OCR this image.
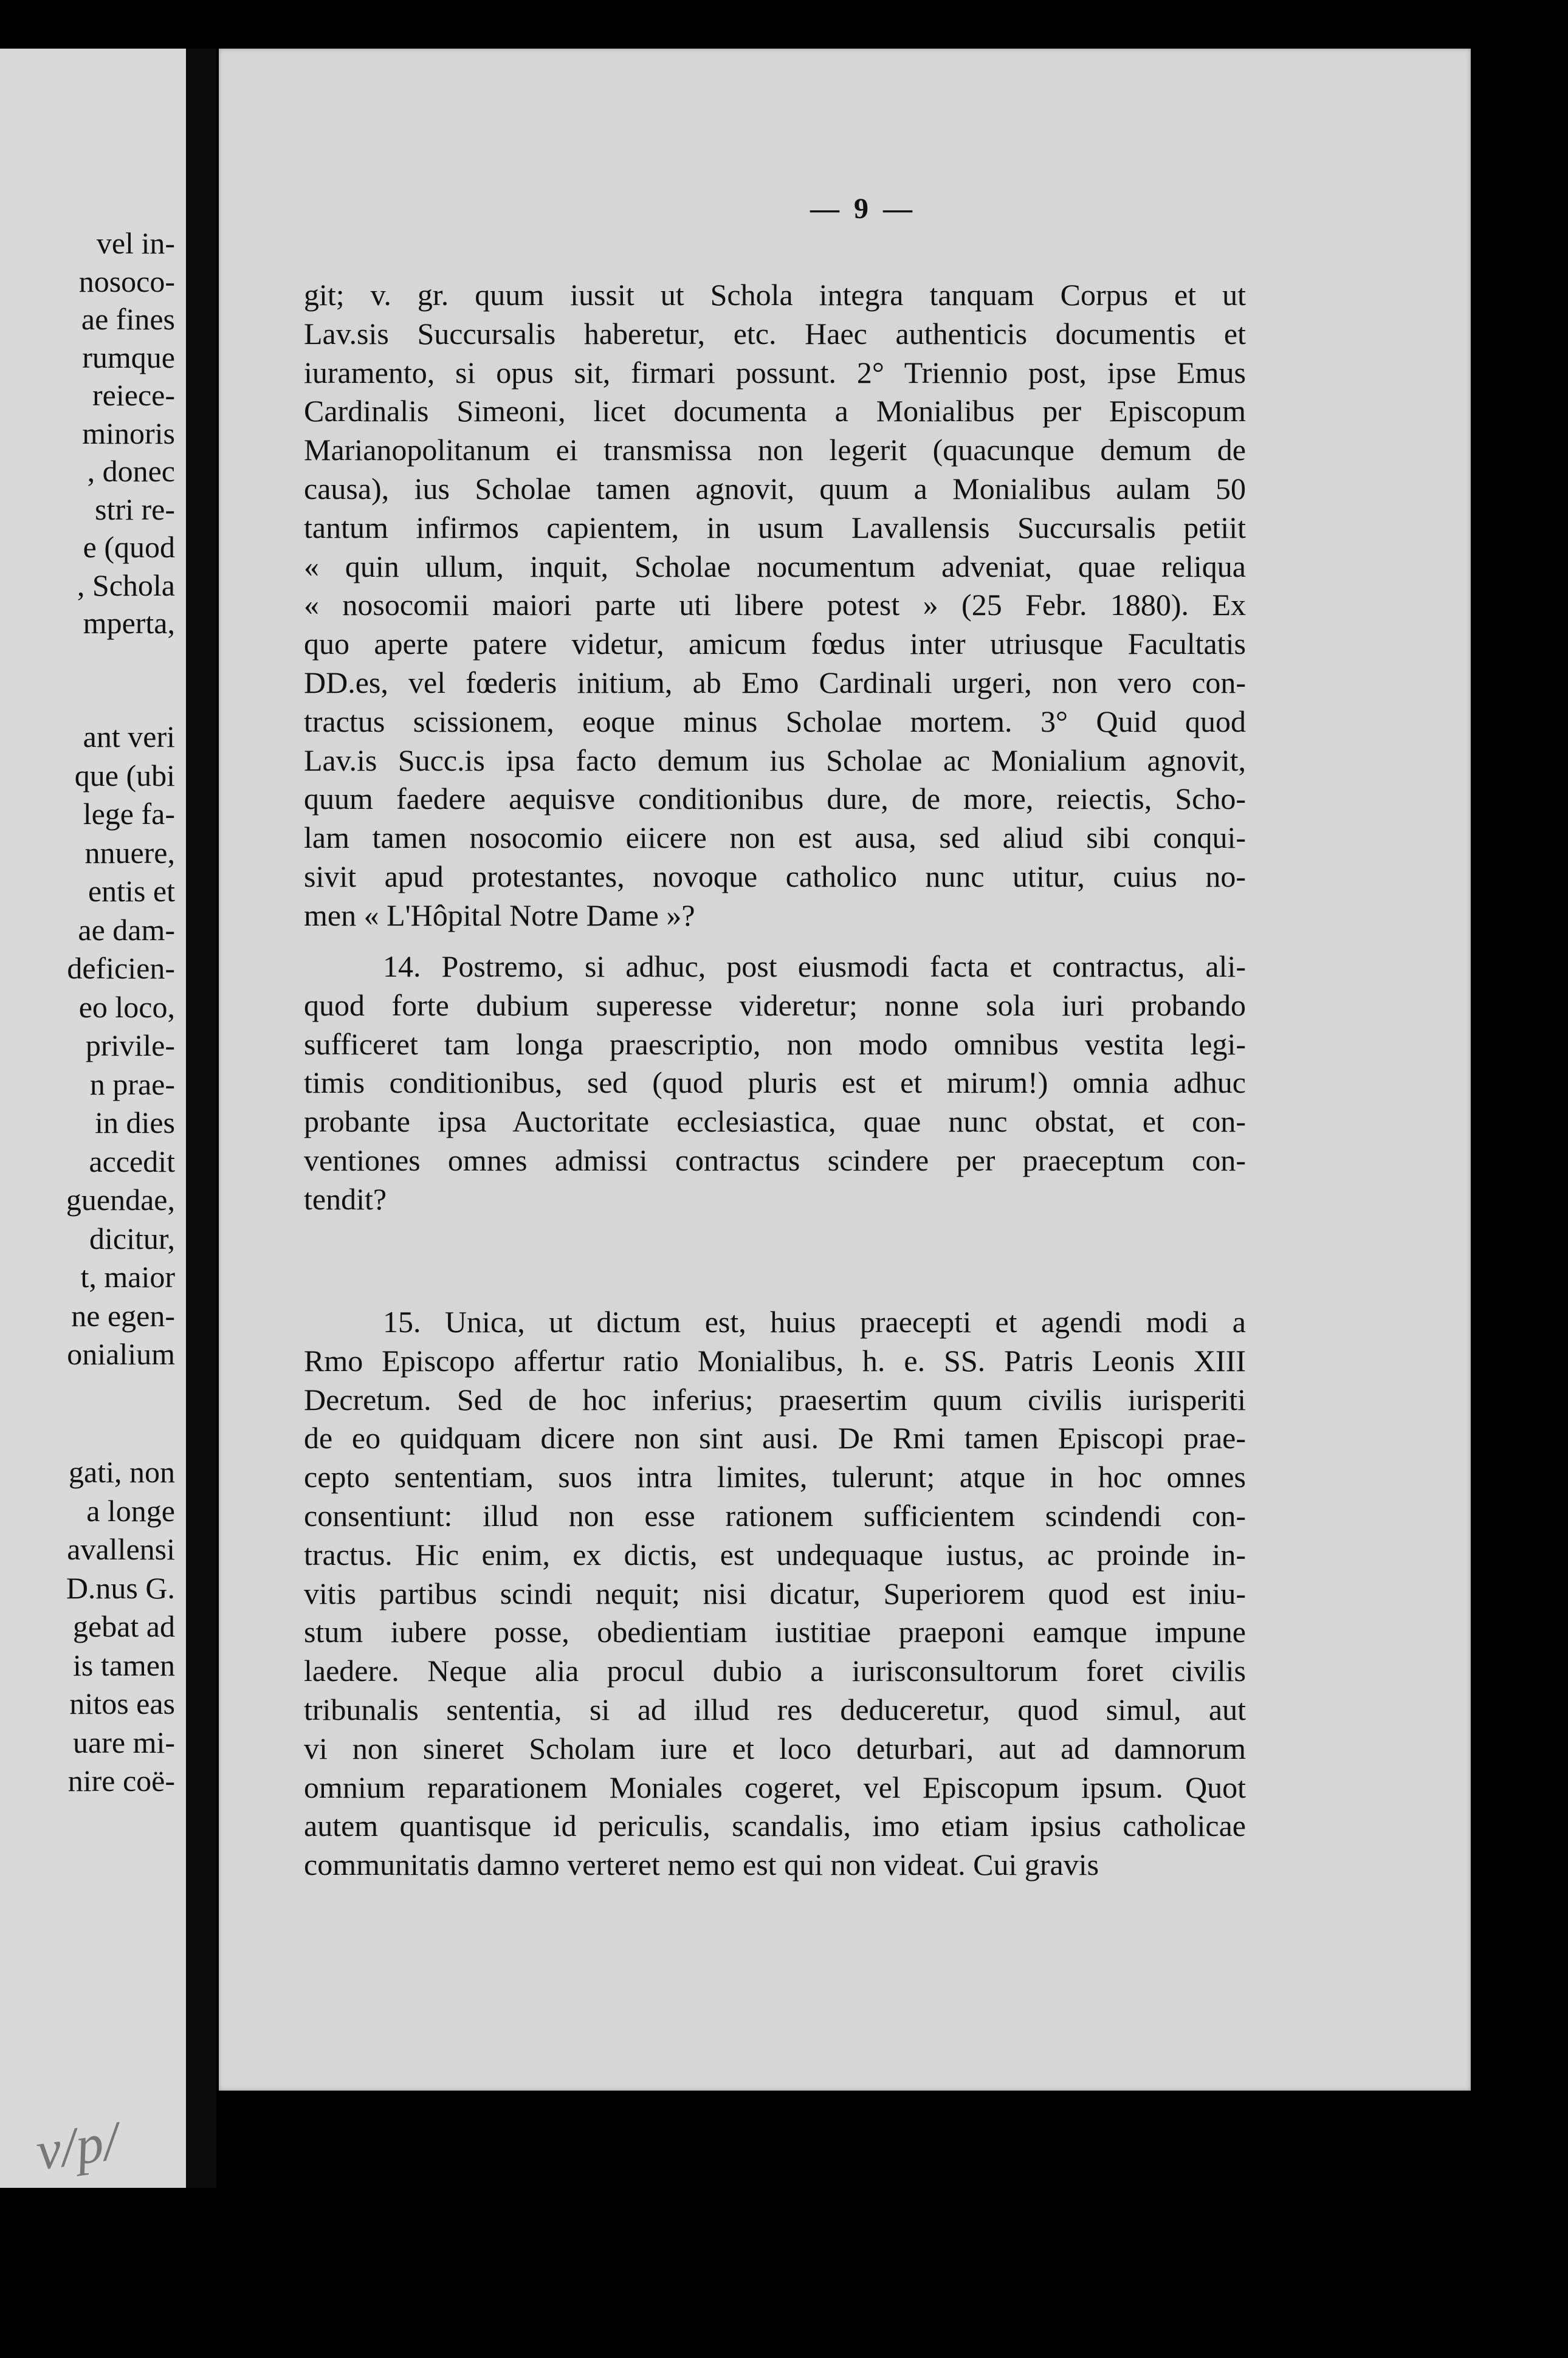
vel in-
nosoco-
ae fines
rumque
reiece-
minoris
, donec
stri re-
e (quod
, Schola
mperta,
ant veri
que (ubi
lege fa-
nnuere,
entis et
ae dam-
deficien-
eo loco,
privile-
n prae-
in dies
accedit
guendae,
dicitur,
t, maior
ne egen-
onialium
gati, non
a longe
avallensi
D.nus G.
gebat ad
is tamen
nitos eas
uare mi-
nire coë-
v/p/
— 9 —
git; v. gr. quum iussit ut Schola integra tanquam Corpus et ut
Lav.sis Succursalis haberetur, etc. Haec authenticis documentis et
iuramento, si opus sit, firmari possunt. 2° Triennio post, ipse Emus
Cardinalis Simeoni, licet documenta a Monialibus per Episcopum
Marianopolitanum ei transmissa non legerit (quacunque demum de
causa), ius Scholae tamen agnovit, quum a Monialibus aulam 50
tantum infirmos capientem, in usum Lavallensis Succursalis petiit
« quin ullum, inquit, Scholae nocumentum adveniat, quae reliqua
« nosocomii maiori parte uti libere potest » (25 Febr. 1880). Ex
quo aperte patere videtur, amicum fœdus inter utriusque Facultatis
DD.es, vel fœderis initium, ab Emo Cardinali urgeri, non vero con-
tractus scissionem, eoque minus Scholae mortem. 3° Quid quod
Lav.is Succ.is ipsa facto demum ius Scholae ac Monialium agnovit,
quum faedere aequisve conditionibus dure, de more, reiectis, Scho-
lam tamen nosocomio eiicere non est ausa, sed aliud sibi conqui-
sivit apud protestantes, novoque catholico nunc utitur, cuius no-
men « L'Hôpital Notre Dame »?
14. Postremo, si adhuc, post eiusmodi facta et contractus, ali-
quod forte dubium superesse videretur; nonne sola iuri probando
sufficeret tam longa praescriptio, non modo omnibus vestita legi-
timis conditionibus, sed (quod pluris est et mirum!) omnia adhuc
probante ipsa Auctoritate ecclesiastica, quae nunc obstat, et con-
ventiones omnes admissi contractus scindere per praeceptum con-
tendit?
15. Unica, ut dictum est, huius praecepti et agendi modi a
Rmo Episcopo affertur ratio Monialibus, h. e. SS. Patris Leonis XIII
Decretum. Sed de hoc inferius; praesertim quum civilis iurisperiti
de eo quidquam dicere non sint ausi. De Rmi tamen Episcopi prae-
cepto sententiam, suos intra limites, tulerunt; atque in hoc omnes
consentiunt: illud non esse rationem sufficientem scindendi con-
tractus. Hic enim, ex dictis, est undequaque iustus, ac proinde in-
vitis partibus scindi nequit; nisi dicatur, Superiorem quod est iniu-
stum iubere posse, obedientiam iustitiae praeponi eamque impune
laedere. Neque alia procul dubio a iurisconsultorum foret civilis
tribunalis sententia, si ad illud res deduceretur, quod simul, aut
vi non sineret Scholam iure et loco deturbari, aut ad damnorum
omnium reparationem Moniales cogeret, vel Episcopum ipsum. Quot
autem quantisque id periculis, scandalis, imo etiam ipsius catholicae
communitatis damno verteret nemo est qui non videat. Cui gravis
